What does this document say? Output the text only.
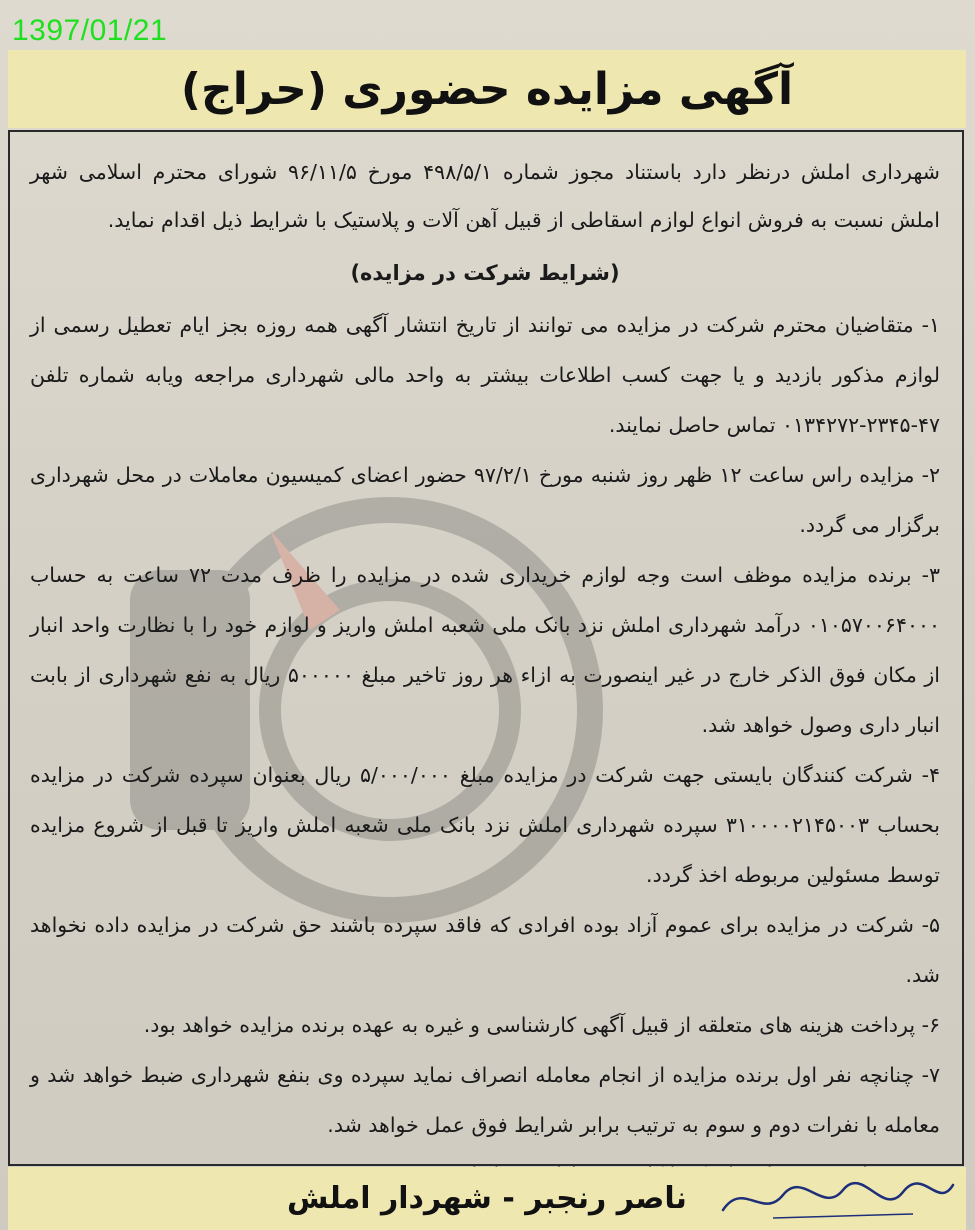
1397/01/21
آگهی مزایده حضوری (حراج)

شهرداری املش درنظر دارد باستناد مجوز شماره ۴۹۸/۵/۱ مورخ ۹۶/۱۱/۵ شورای محترم اسلامی شهر املش نسبت به فروش انواع لوازم اسقاطی از قبیل آهن آلات و پلاستیک با شرایط ذیل اقدام نماید.

(شرایط شرکت در مزایده)

۱- متقاضیان محترم شرکت در مزایده می توانند از تاریخ انتشار آگهی همه روزه بجز ایام تعطیل رسمی از لوازم مذکور بازدید و یا جهت کسب اطلاعات بیشتر به واحد مالی شهرداری مراجعه ویابه شماره تلفن ۴۷-۲۳۴۵-۰۱۳۴۲۷۲ تماس حاصل نمایند.

۲- مزایده راس ساعت ۱۲ ظهر روز شنبه مورخ ۹۷/۲/۱ حضور اعضای کمیسیون معاملات در محل شهرداری برگزار می گردد.

۳- برنده مزایده موظف است وجه لوازم خریداری شده در مزایده را ظرف مدت ۷۲ ساعت به حساب ۰۱۰۵۷۰۰۶۴۰۰۰ درآمد شهرداری املش نزد بانک ملی شعبه املش واریز و لوازم خود را با نظارت واحد انبار از مکان فوق الذکر خارج در غیر اینصورت به ازاء هر روز تاخیر مبلغ ۵۰۰۰۰۰ ریال به نفع شهرداری از بابت انبار داری وصول خواهد شد.

۴- شرکت کنندگان بایستی جهت شرکت در مزایده مبلغ ۵/۰۰۰/۰۰۰ ریال بعنوان سپرده شرکت در مزایده بحساب ۳۱۰۰۰۰۲۱۴۵۰۰۳ سپرده شهرداری املش نزد بانک ملی شعبه املش واریز تا قبل از شروع مزایده توسط مسئولین مربوطه اخذ گردد.

۵- شرکت در مزایده برای عموم آزاد بوده افرادی که فاقد سپرده باشند حق شرکت در مزایده داده نخواهد شد.

۶- پرداخت هزینه های متعلقه از قبیل آگهی کارشناسی و غیره به عهده برنده مزایده خواهد بود.

۷- چنانچه نفر اول برنده مزایده از انجام معامله انصراف نماید سپرده وی بنفع شهرداری ضبط خواهد شد و معامله با نفرات دوم و سوم به ترتیب برابر شرایط فوق عمل خواهد شد.

ناصر رنجبر - شهردار املش
